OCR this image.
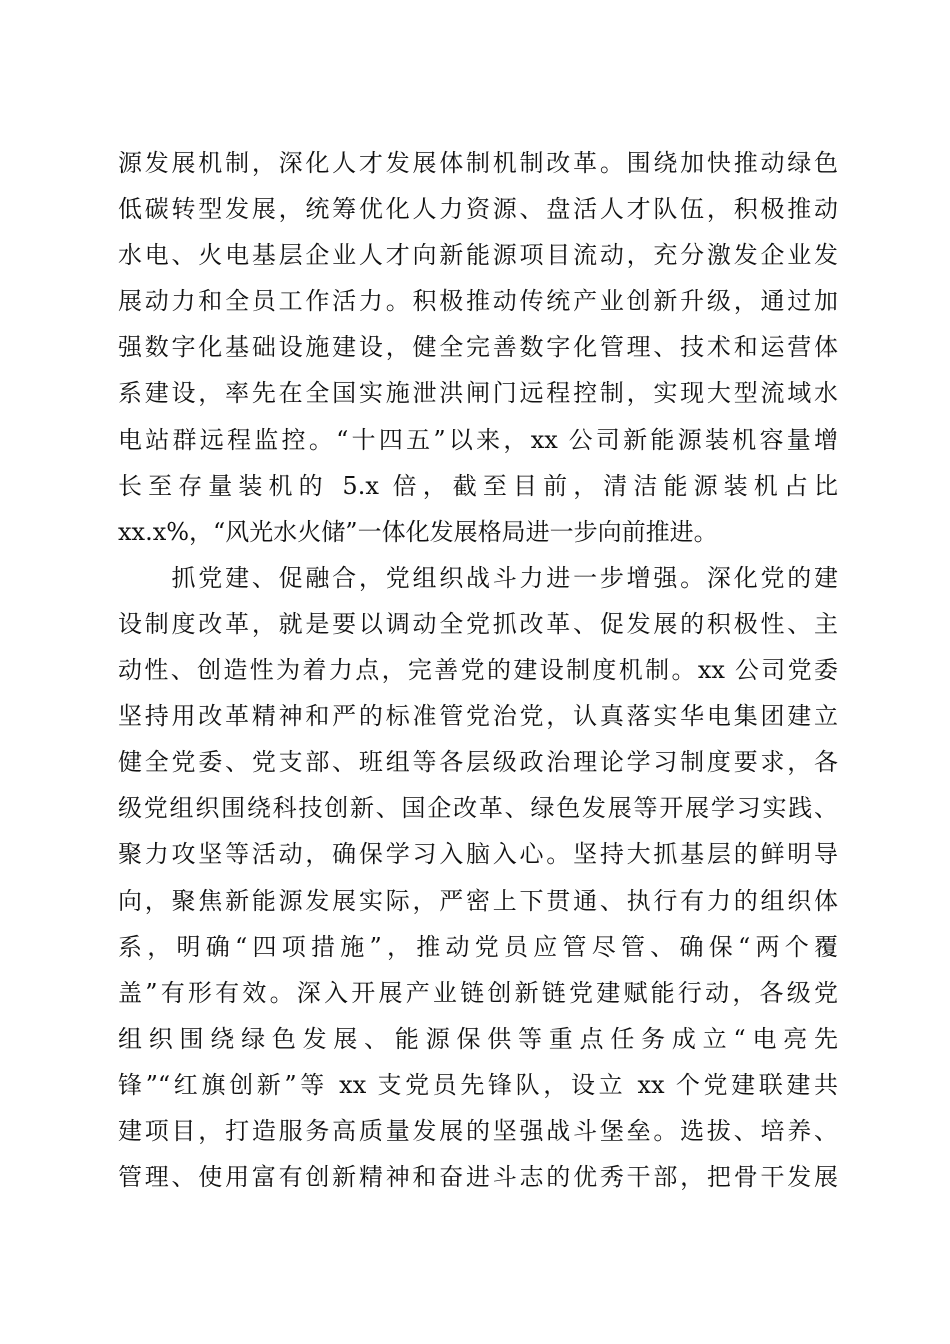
源发展机制，深化人才发展体制机制改革。围绕加快推动绿色
低碳转型发展，统筹优化人力资源、盘活人才队伍，积极推动
水电、火电基层企业人才向新能源项目流动，充分激发企业发
展动力和全员工作活力。积极推动传统产业创新升级，通过加
强数字化基础设施建设，健全完善数字化管理、技术和运营体
系建设，率先在全国实施泄洪闸门远程控制，实现大型流域水
电站群远程监控。“十四五”以来，xx 公司新能源装机容量增
长至存量装机的 5.x 倍，截至目前，清洁能源装机占比
xx.x%，“风光水火储”一体化发展格局进一步向前推进。
　　抓党建、促融合，党组织战斗力进一步增强。深化党的建
设制度改革，就是要以调动全党抓改革、促发展的积极性、主
动性、创造性为着力点，完善党的建设制度机制。xx 公司党委
坚持用改革精神和严的标准管党治党，认真落实华电集团建立
健全党委、党支部、班组等各层级政治理论学习制度要求，各
级党组织围绕科技创新、国企改革、绿色发展等开展学习实践、
聚力攻坚等活动，确保学习入脑入心。坚持大抓基层的鲜明导
向，聚焦新能源发展实际，严密上下贯通、执行有力的组织体
系，明确“四项措施”，推动党员应管尽管、确保“两个覆
盖”有形有效。深入开展产业链创新链党建赋能行动，各级党
组织围绕绿色发展、能源保供等重点任务成立“电亮先
锋”“红旗创新”等 xx 支党员先锋队，设立 xx 个党建联建共
建项目，打造服务高质量发展的坚强战斗堡垒。选拔、培养、
管理、使用富有创新精神和奋进斗志的优秀干部，把骨干发展
